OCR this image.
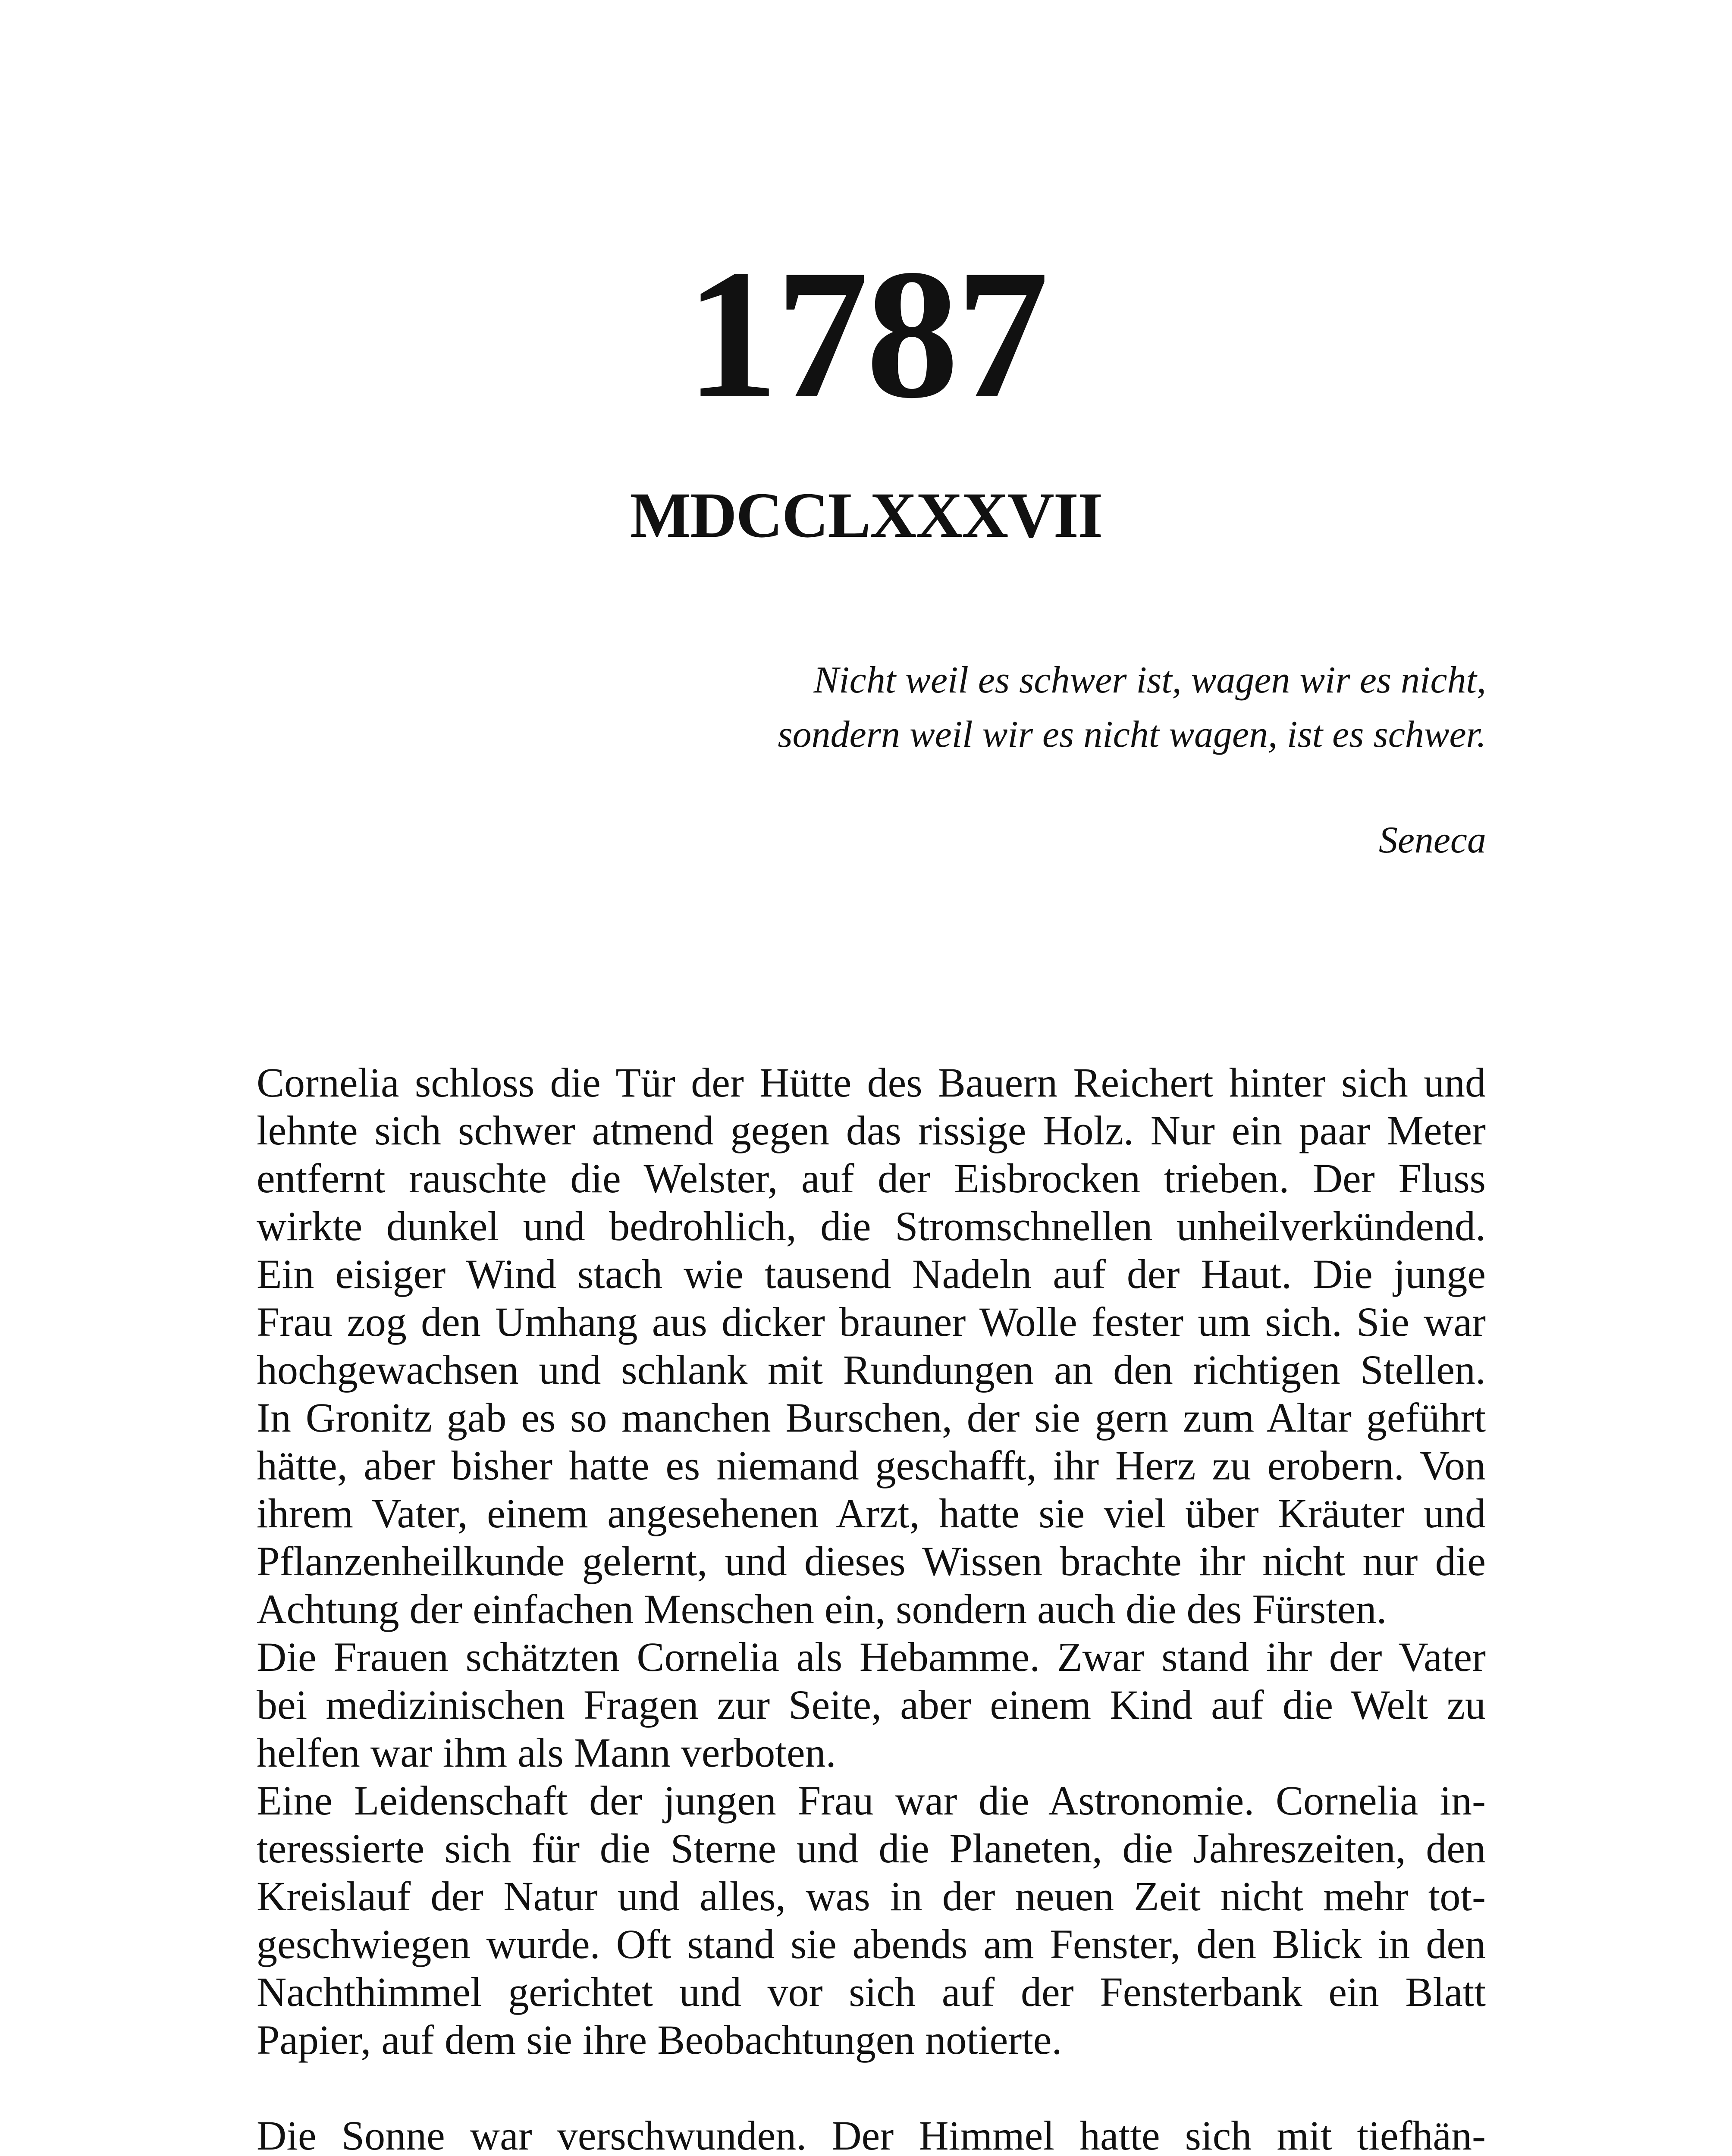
1787
MDCCLXXXVII
Nicht weil es schwer ist, wagen wir es nicht,
sondern weil wir es nicht wagen, ist es schwer.
Seneca
Cornelia schloss die Tür der Hütte des Bauern Reichert hinter sich und
lehnte sich schwer atmend gegen das rissige Holz. Nur ein paar Meter
entfernt rauschte die Welster, auf der Eisbrocken trieben. Der Fluss
wirkte dunkel und bedrohlich, die Stromschnellen unheilverkündend.
Ein eisiger Wind stach wie tausend Nadeln auf der Haut. Die junge
Frau zog den Umhang aus dicker brauner Wolle fester um sich. Sie war
hochgewachsen und schlank mit Rundungen an den richtigen Stellen.
In Gronitz gab es so manchen Burschen, der sie gern zum Altar geführt
hätte, aber bisher hatte es niemand geschafft, ihr Herz zu erobern. Von
ihrem Vater, einem angesehenen Arzt, hatte sie viel über Kräuter und
Pflanzenheilkunde gelernt, und dieses Wissen brachte ihr nicht nur die
Achtung der einfachen Menschen ein, sondern auch die des Fürsten.
Die Frauen schätzten Cornelia als Hebamme. Zwar stand ihr der Vater
bei medizinischen Fragen zur Seite, aber einem Kind auf die Welt zu
helfen war ihm als Mann verboten.
Eine Leidenschaft der jungen Frau war die Astronomie. Cornelia in-
teressierte sich für die Sterne und die Planeten, die Jahreszeiten, den
Kreislauf der Natur und alles, was in der neuen Zeit nicht mehr tot-
geschwiegen wurde. Oft stand sie abends am Fenster, den Blick in den
Nachthimmel gerichtet und vor sich auf der Fensterbank ein Blatt
Papier, auf dem sie ihre Beobachtungen notierte.
Die Sonne war verschwunden. Der Himmel hatte sich mit tiefhän-
